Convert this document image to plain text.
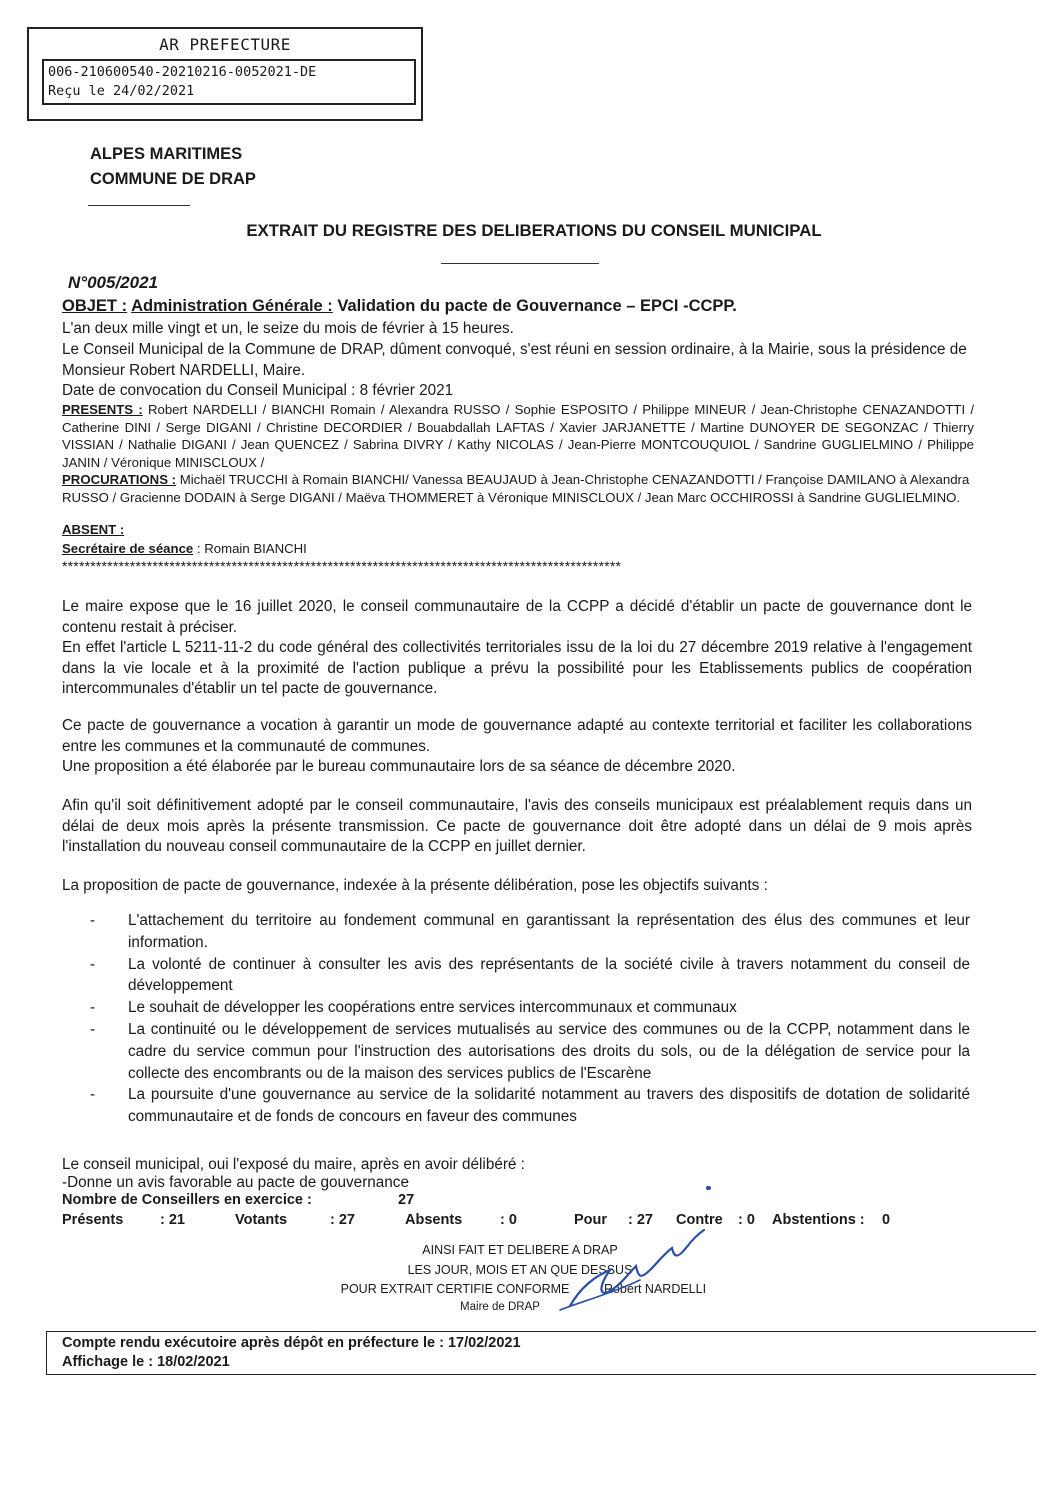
AR PREFECTURE
006-210600540-20210216-0052021-DE
Reçu le 24/02/2021
ALPES MARITIMES
COMMUNE DE DRAP
EXTRAIT DU REGISTRE DES DELIBERATIONS DU CONSEIL MUNICIPAL
N°005/2021
OBJET : Administration Générale : Validation du pacte de Gouvernance – EPCI -CCPP.
L'an deux mille vingt et un, le seize du mois de février à 15 heures.
Le Conseil Municipal de la Commune de DRAP, dûment convoqué, s'est réuni en session ordinaire, à la Mairie, sous la présidence de Monsieur Robert NARDELLI, Maire.
Date de convocation du Conseil Municipal : 8 février 2021
PRESENTS : Robert NARDELLI / BIANCHI Romain / Alexandra RUSSO / Sophie ESPOSITO / Philippe MINEUR / Jean-Christophe CENAZANDOTTI / Catherine DINI / Serge DIGANI / Christine DECORDIER / Bouabdallah LAFTAS / Xavier JARJANETTE / Martine DUNOYER DE SEGONZAC / Thierry VISSIAN / Nathalie DIGANI / Jean QUENCEZ / Sabrina DIVRY / Kathy NICOLAS / Jean-Pierre MONTCOUQUIOL / Sandrine GUGLIELMINO / Philippe JANIN / Véronique MINISCLOUX /
PROCURATIONS : Michaël TRUCCHI à Romain BIANCHI/ Vanessa BEAUJAUD à Jean-Christophe CENAZANDOTTI / Françoise DAMILANO à Alexandra RUSSO / Gracienne DODAIN à Serge DIGANI / Maëva THOMMERET à Véronique MINISCLOUX / Jean Marc OCCHIROSSI à Sandrine GUGLIELMINO.
ABSENT :
Secrétaire de séance : Romain BIANCHI
***************************************************************************************************
Le maire expose que le 16 juillet 2020, le conseil communautaire de la CCPP a décidé d'établir un pacte de gouvernance dont le contenu restait à préciser.
En effet l'article L 5211-11-2 du code général des collectivités territoriales issu de la loi du 27 décembre 2019 relative à l'engagement dans la vie locale et à la proximité de l'action publique a prévu la possibilité pour les Etablissements publics de coopération intercommunales d'établir un tel pacte de gouvernance.
Ce pacte de gouvernance a vocation à garantir un mode de gouvernance adapté au contexte territorial et faciliter les collaborations entre les communes et la communauté de communes.
Une proposition a été élaborée par le bureau communautaire lors de sa séance de décembre 2020.
Afin qu'il soit définitivement adopté par le conseil communautaire, l'avis des conseils municipaux est préalablement requis dans un délai de deux mois après la présente transmission. Ce pacte de gouvernance doit être adopté dans un délai de 9 mois après l'installation du nouveau conseil communautaire de la CCPP en juillet dernier.
La proposition de pacte de gouvernance, indexée à la présente délibération, pose les objectifs suivants :
- L'attachement du territoire au fondement communal en garantissant la représentation des élus des communes et leur information.
- La volonté de continuer à consulter les avis des représentants de la société civile à travers notamment du conseil de développement
- Le souhait de développer les coopérations entre services intercommunaux et communaux
- La continuité ou le développement de services mutualisés au service des communes ou de la CCPP, notamment dans le cadre du service commun pour l'instruction des autorisations des droits du sols, ou de la délégation de service pour la collecte des encombrants ou de la maison des services publics de l'Escarène
- La poursuite d'une gouvernance au service de la solidarité notamment au travers des dispositifs de dotation de solidarité communautaire et de fonds de concours en faveur des communes
Le conseil municipal, oui l'exposé du maire, après en avoir délibéré :
-Donne un avis favorable au pacte de gouvernance
Nombre de Conseillers en exercice :	27
Présents	: 21	Votants	: 27	Absents	: 0	Pour : 27 Contre : 0 Abstentions : 0
AINSI FAIT ET DELIBERE A DRAP
LES JOUR, MOIS ET AN QUE DESSUS
POUR EXTRAIT CERTIFIE CONFORME	Robert NARDELLI
Maire de DRAP
Compte rendu exécutoire après dépôt en préfecture le : 17/02/2021
Affichage le : 18/02/2021
